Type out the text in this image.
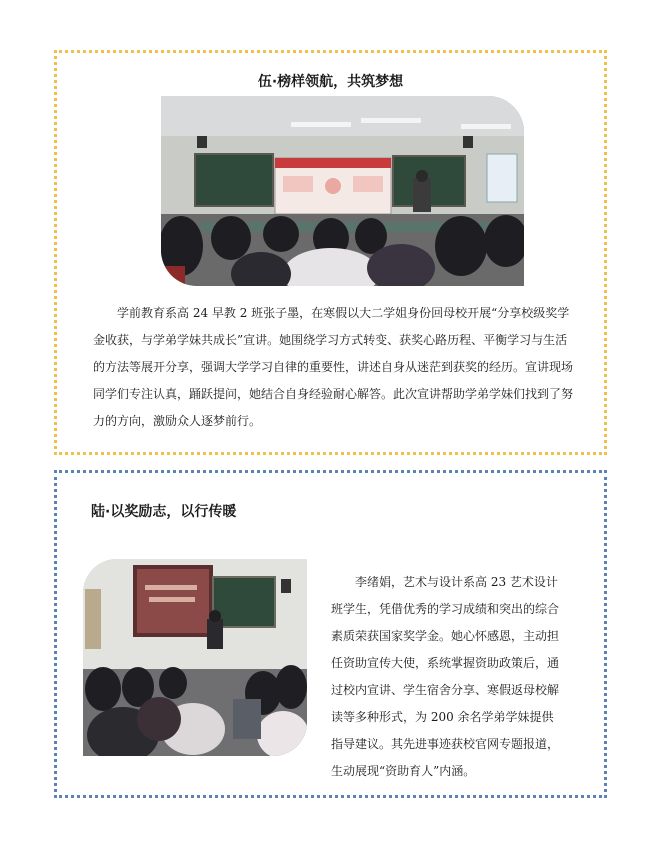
伍·榜样领航，共筑梦想

学前教育系高 24 早教 2 班张子墨，在寒假以大二学姐身份回母校开展“分享校级奖学金收获，与学弟学妹共成长”宣讲。她围绕学习方式转变、获奖心路历程、平衡学习与生活的方法等展开分享，强调大学学习自律的重要性，讲述自身从迷茫到获奖的经历。宣讲现场同学们专注认真，踊跃提问，她结合自身经验耐心解答。此次宣讲帮助学弟学妹们找到了努力的方向，激励众人逐梦前行。

陆·以奖励志，以行传暖

李绪娟，艺术与设计系高 23 艺术设计班学生，凭借优秀的学习成绩和突出的综合素质荣获国家奖学金。她心怀感恩，主动担任资助宣传大使，系统掌握资助政策后，通过校内宣讲、学生宿舍分享、寒假返母校解读等多种形式，为 200 余名学弟学妹提供指导建议。其先进事迹获校官网专题报道，生动展现“资助育人”内涵。
